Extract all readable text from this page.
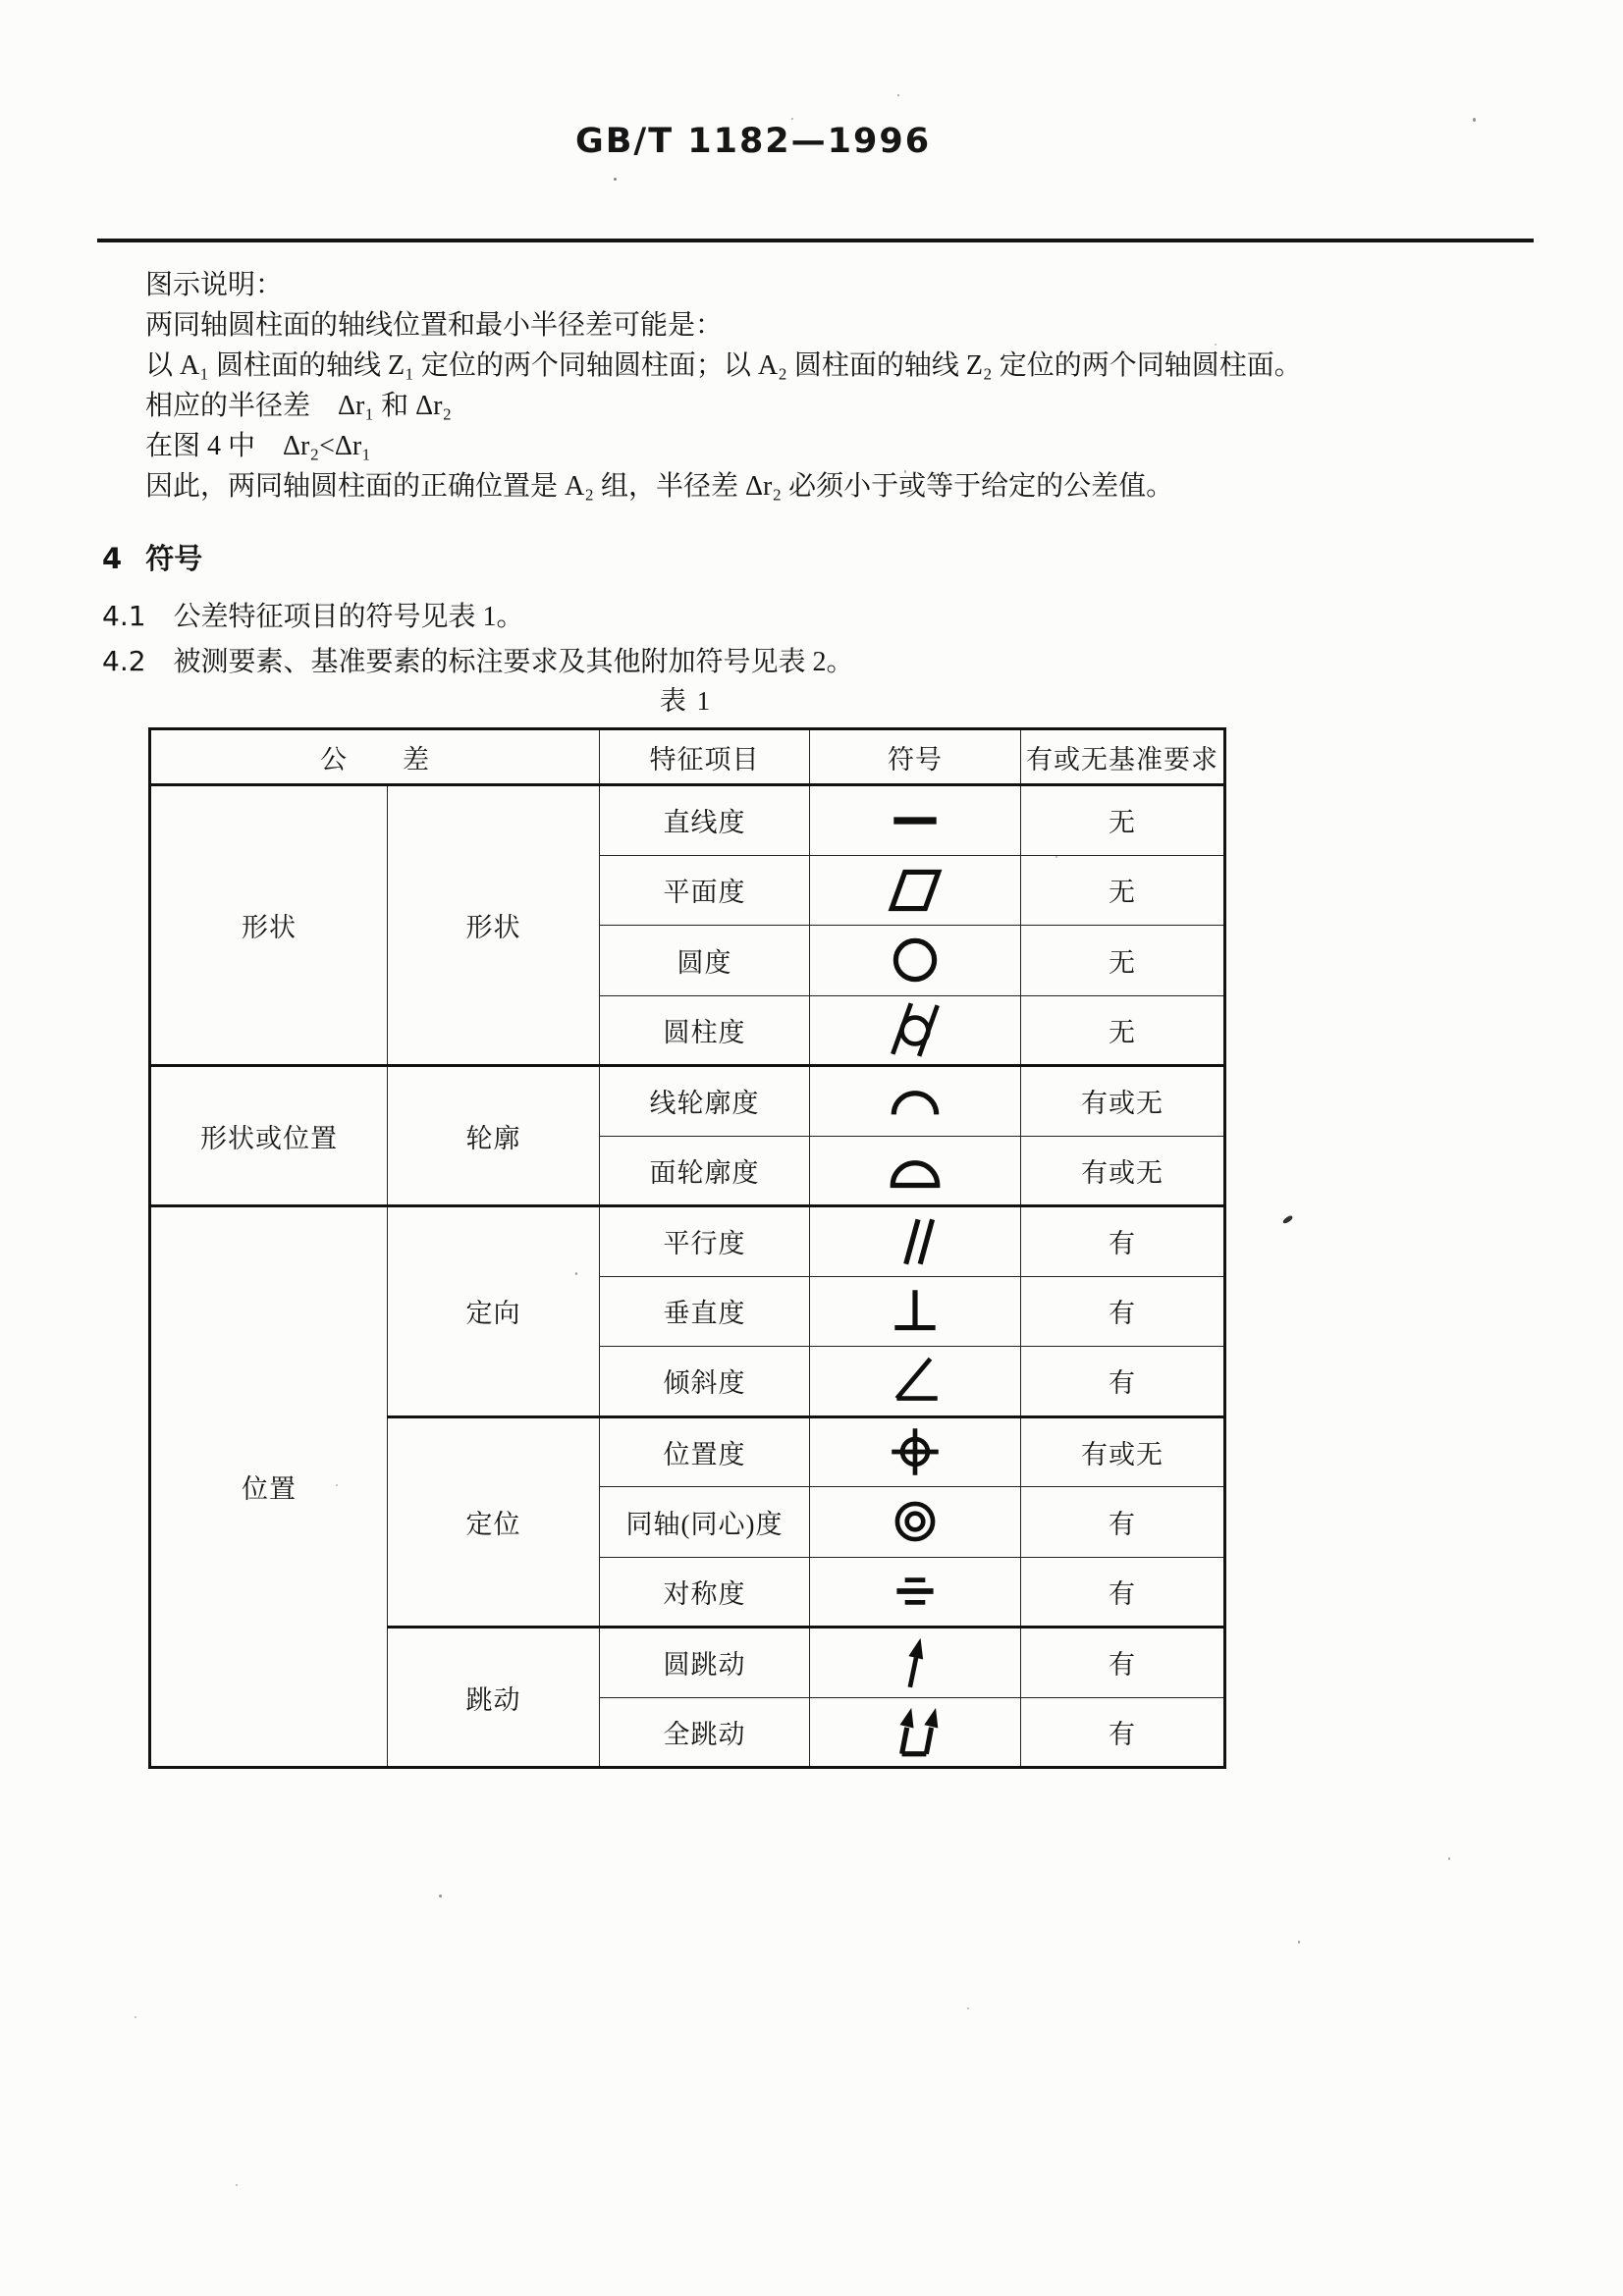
GB/T 1182—1996
图示说明：
两同轴圆柱面的轴线位置和最小半径差可能是：
以 A₁ 圆柱面的轴线 Z₁ 定位的两个同轴圆柱面；以 A₂ 圆柱面的轴线 Z₂ 定位的两个同轴圆柱面。
相应的半径差　Δr₁ 和 Δr₂
在图 4 中　Δr₂<Δr₁
因此，两同轴圆柱面的正确位置是 A₂ 组，半径差 Δr₂ 必须小于或等于给定的公差值。
4 符号
4.1 公差特征项目的符号见表 1。
4.2 被测要素、基准要素的标注要求及其他附加符号见表 2。
表 1
公　　差		特征项目	符号	有或无基准要求
形状	形状	直线度		无
		平面度		无
		圆度		无
		圆柱度		无
形状或位置	轮廓	线轮廓度		有或无
		面轮廓度		有或无
位置	定向	平行度		有
		垂直度		有
		倾斜度		有
	定位	位置度		有或无
		同轴(同心)度		有
		对称度		有
	跳动	圆跳动		有
		全跳动		有
